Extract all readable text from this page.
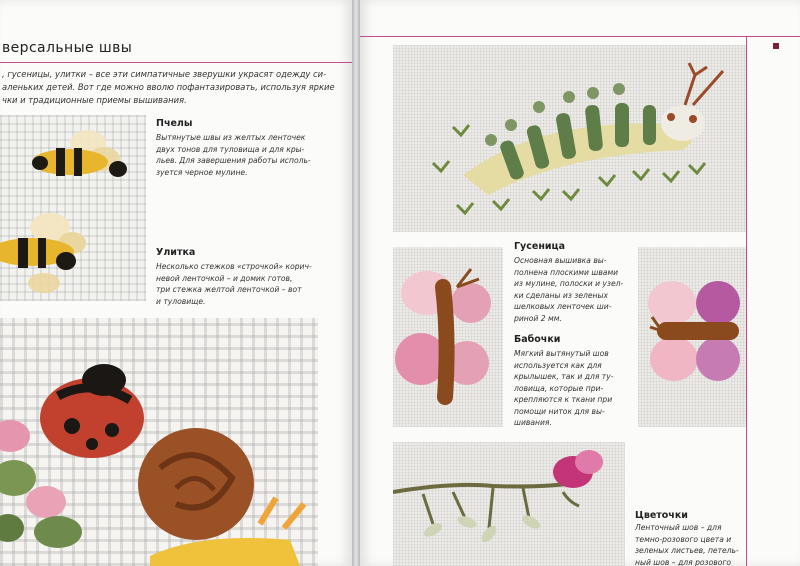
версальные швы
, гусеницы, улитки – все эти симпатичные зверушки украсят одежду си-
аленьких детей. Вот где можно вволю пофантазировать, используя яркие
чки и традиционные приемы вышивания.
Пчелы
Вытянутые швы из желтых ленточек
двух тонов для туловища и для кры-
льев. Для завершения работы исполь-
зуется черное мулине.
Улитка
Несколько стежков «строчкой» корич-
невой ленточкой – и домик готов,
три стежка желтой ленточкой – вот
и туловище.
Гусеница
Основная вышивка вы-
полнена плоскими швами
из мулине, полоски и узел-
ки сделаны из зеленых
шелковых ленточек ши-
риной 2 мм.
Бабочки
Мягкий вытянутый шов
используется как для
крылышек, так и для ту-
ловища, которые при-
крепляются к ткани при
помощи ниток для вы-
шивания.
Цветочки
Ленточный шов – для
темно-розового цвета и
зеленых листьев, петель-
ный шов – для розового
